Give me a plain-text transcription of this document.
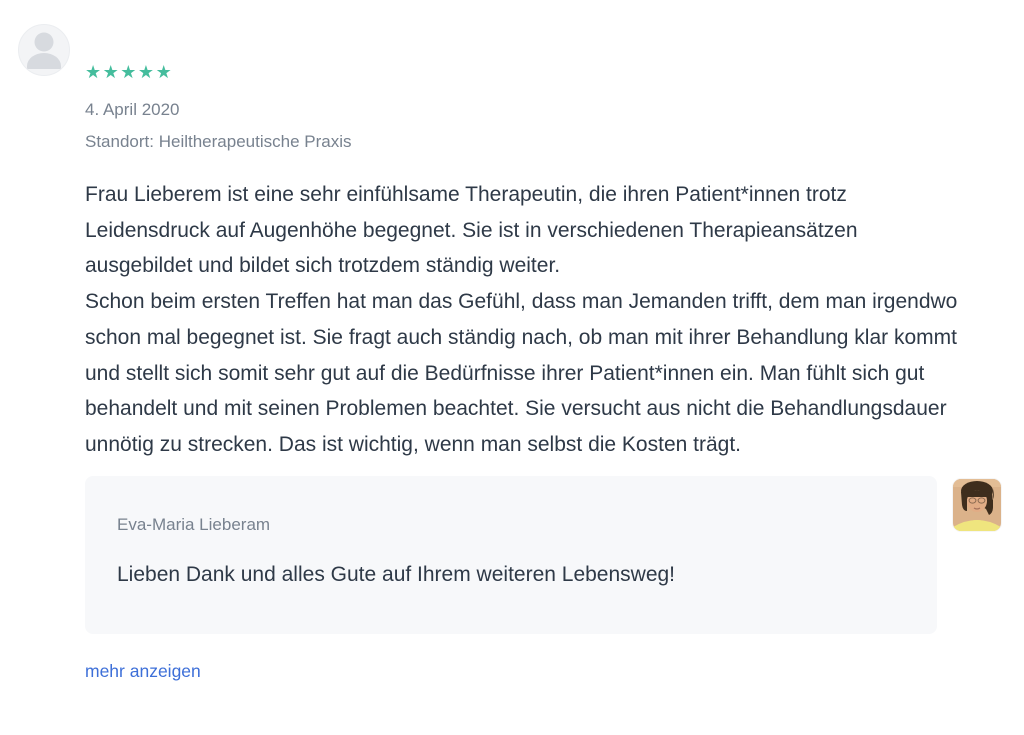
★★★★★
4. April 2020
Standort: Heiltherapeutische Praxis

Frau Lieberem ist eine sehr einfühlsame Therapeutin, die ihren Patient*innen trotz Leidensdruck auf Augenhöhe begegnet. Sie ist in verschiedenen Therapieansätzen ausgebildet und bildet sich trotzdem ständig weiter.

Schon beim ersten Treffen hat man das Gefühl, dass man Jemanden trifft, dem man irgendwo schon mal begegnet ist. Sie fragt auch ständig nach, ob man mit ihrer Behandlung klar kommt und stellt sich somit sehr gut auf die Bedürfnisse ihrer Patient*innen ein. Man fühlt sich gut behandelt und mit seinen Problemen beachtet. Sie versucht aus nicht die Behandlungsdauer unnötig zu strecken. Das ist wichtig, wenn man selbst die Kosten trägt.

Eva-Maria Lieberam
Lieben Dank und alles Gute auf Ihrem weiteren Lebensweg!
mehr anzeigen
